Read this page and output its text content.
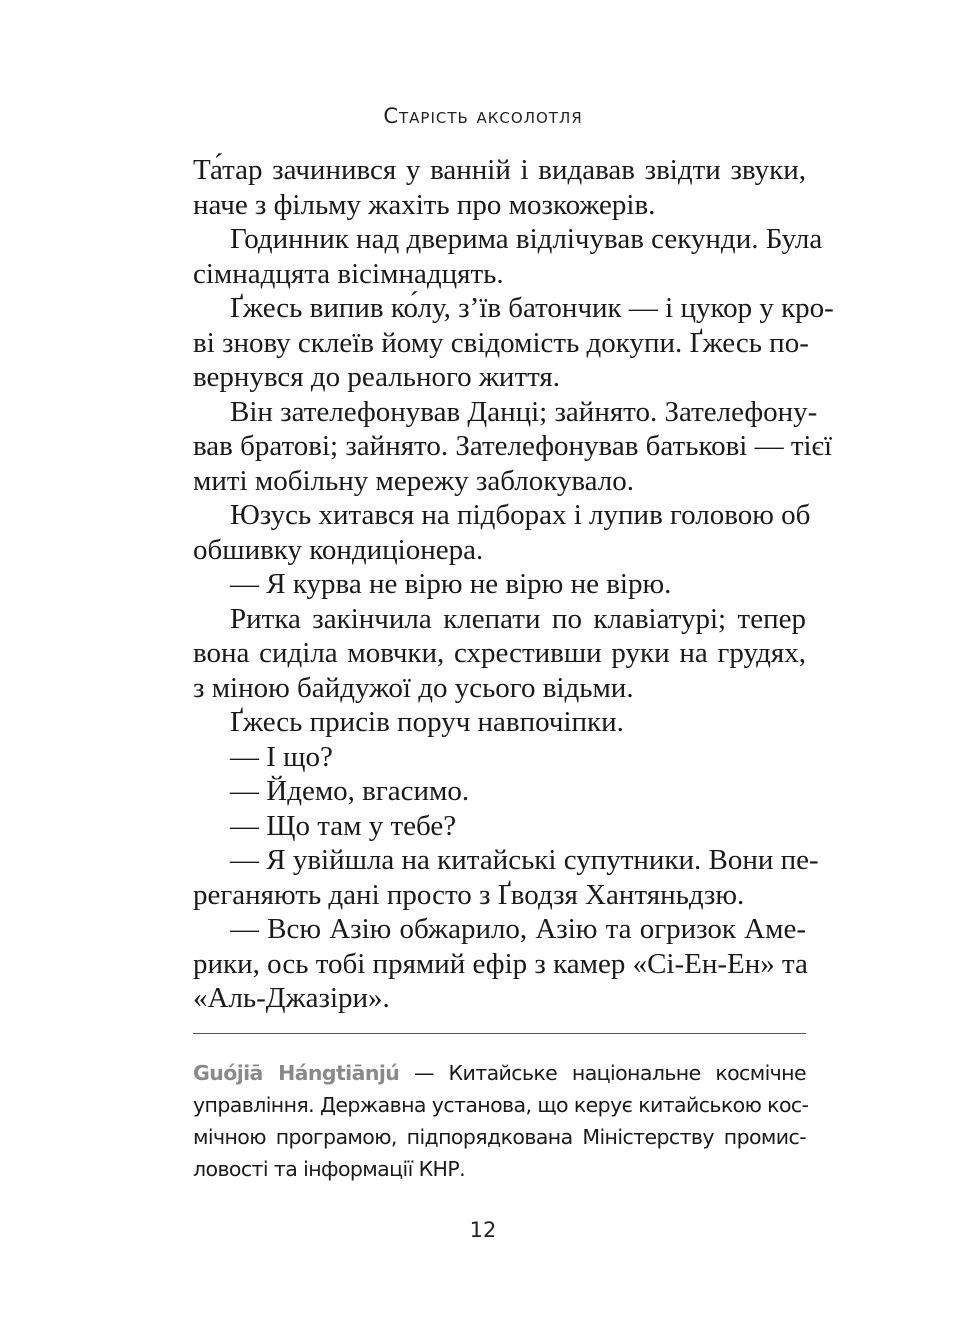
Старість аксолотля
Та́тар зачинився у ванній і видавав звідти звуки,
наче з фільму жахіть про мозкожерів.
Годинник над дверима відлічував секунди. Була
сімнадцята вісімнадцять.
Ґжесь випив ко́лу, з’їв батончик — і цукор у кро-
ві знову склеїв йому свідомість докупи. Ґжесь по-
вернувся до реального життя.
Він зателефонував Данці; зайнято. Зателефону-
вав братові; зайнято. Зателефонував батькові — тієї
миті мобільну мережу заблокувало.
Юзусь хитався на підборах і лупив головою об
обшивку кондиціонера.
— Я курва не вірю не вірю не вірю.
Ритка закінчила клепати по клавіатурі; тепер
вона сиділа мовчки, схрестивши руки на грудях,
з міною байдужої до усього відьми.
Ґжесь присів поруч навпочіпки.
— І що?
— Йдемо, вгасимо.
— Що там у тебе?
— Я увійшла на китайські супутники. Вони пе-
реганяють дані просто з Ґводзя Хантяньдзю.
— Всю Азію обжарило, Азію та огризок Аме-
рики, ось тобі прямий ефір з камер «Сі-Ен-Ен» та
«Аль-Джазіри».
Guójiā Hángtiānjú — Китайське національне космічне
управління. Державна установа, що керує китайською кос-
мічною програмою, підпорядкована Міністерству промис-
ловості та інформації КНР.
12
